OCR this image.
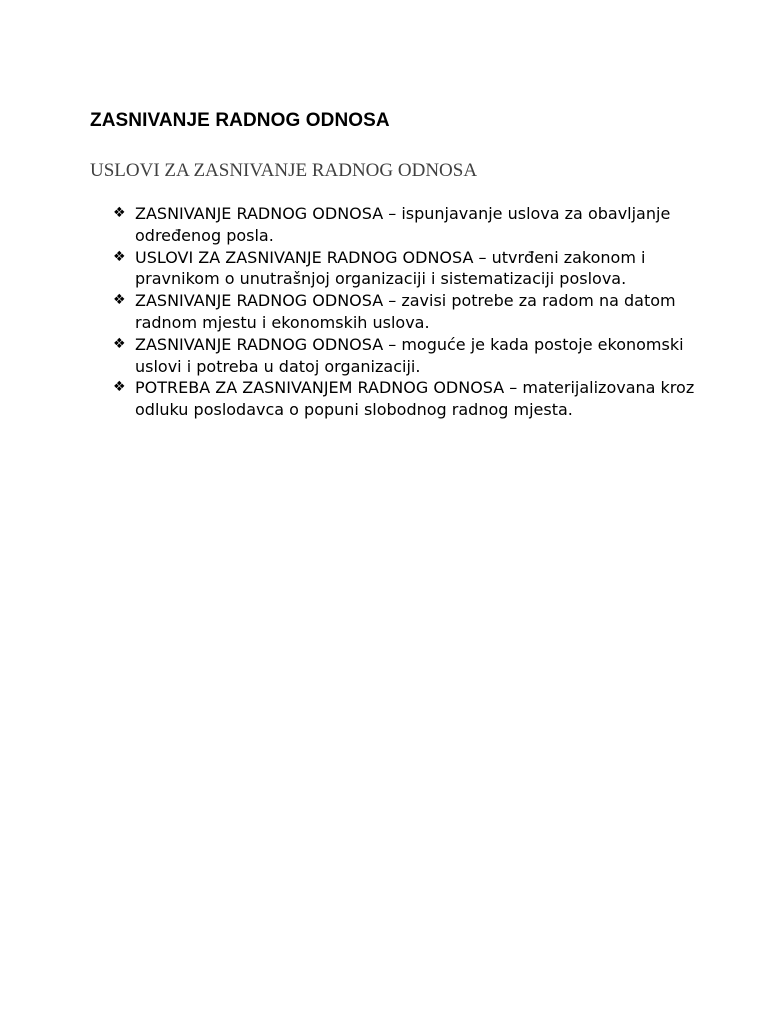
ZASNIVANJE RADNOG ODNOSA
USLOVI ZA ZASNIVANJE RADNOG ODNOSA
❖ ZASNIVANJE RADNOG ODNOSA – ispunjavanje uslova za obavljanje određenog posla.
❖ USLOVI ZA ZASNIVANJE RADNOG ODNOSA – utvrđeni zakonom i pravnikom o unutrašnjoj organizaciji i sistematizaciji poslova.
❖ ZASNIVANJE RADNOG ODNOSA – zavisi potrebe za radom na datom radnom mjestu i ekonomskih uslova.
❖ ZASNIVANJE RADNOG ODNOSA – moguće je kada postoje ekonomski uslovi i potreba u datoj organizaciji.
❖ POTREBA ZA ZASNIVANJEM RADNOG ODNOSA – materijalizovana kroz odluku poslodavca o popuni slobodnog radnog mjesta.
